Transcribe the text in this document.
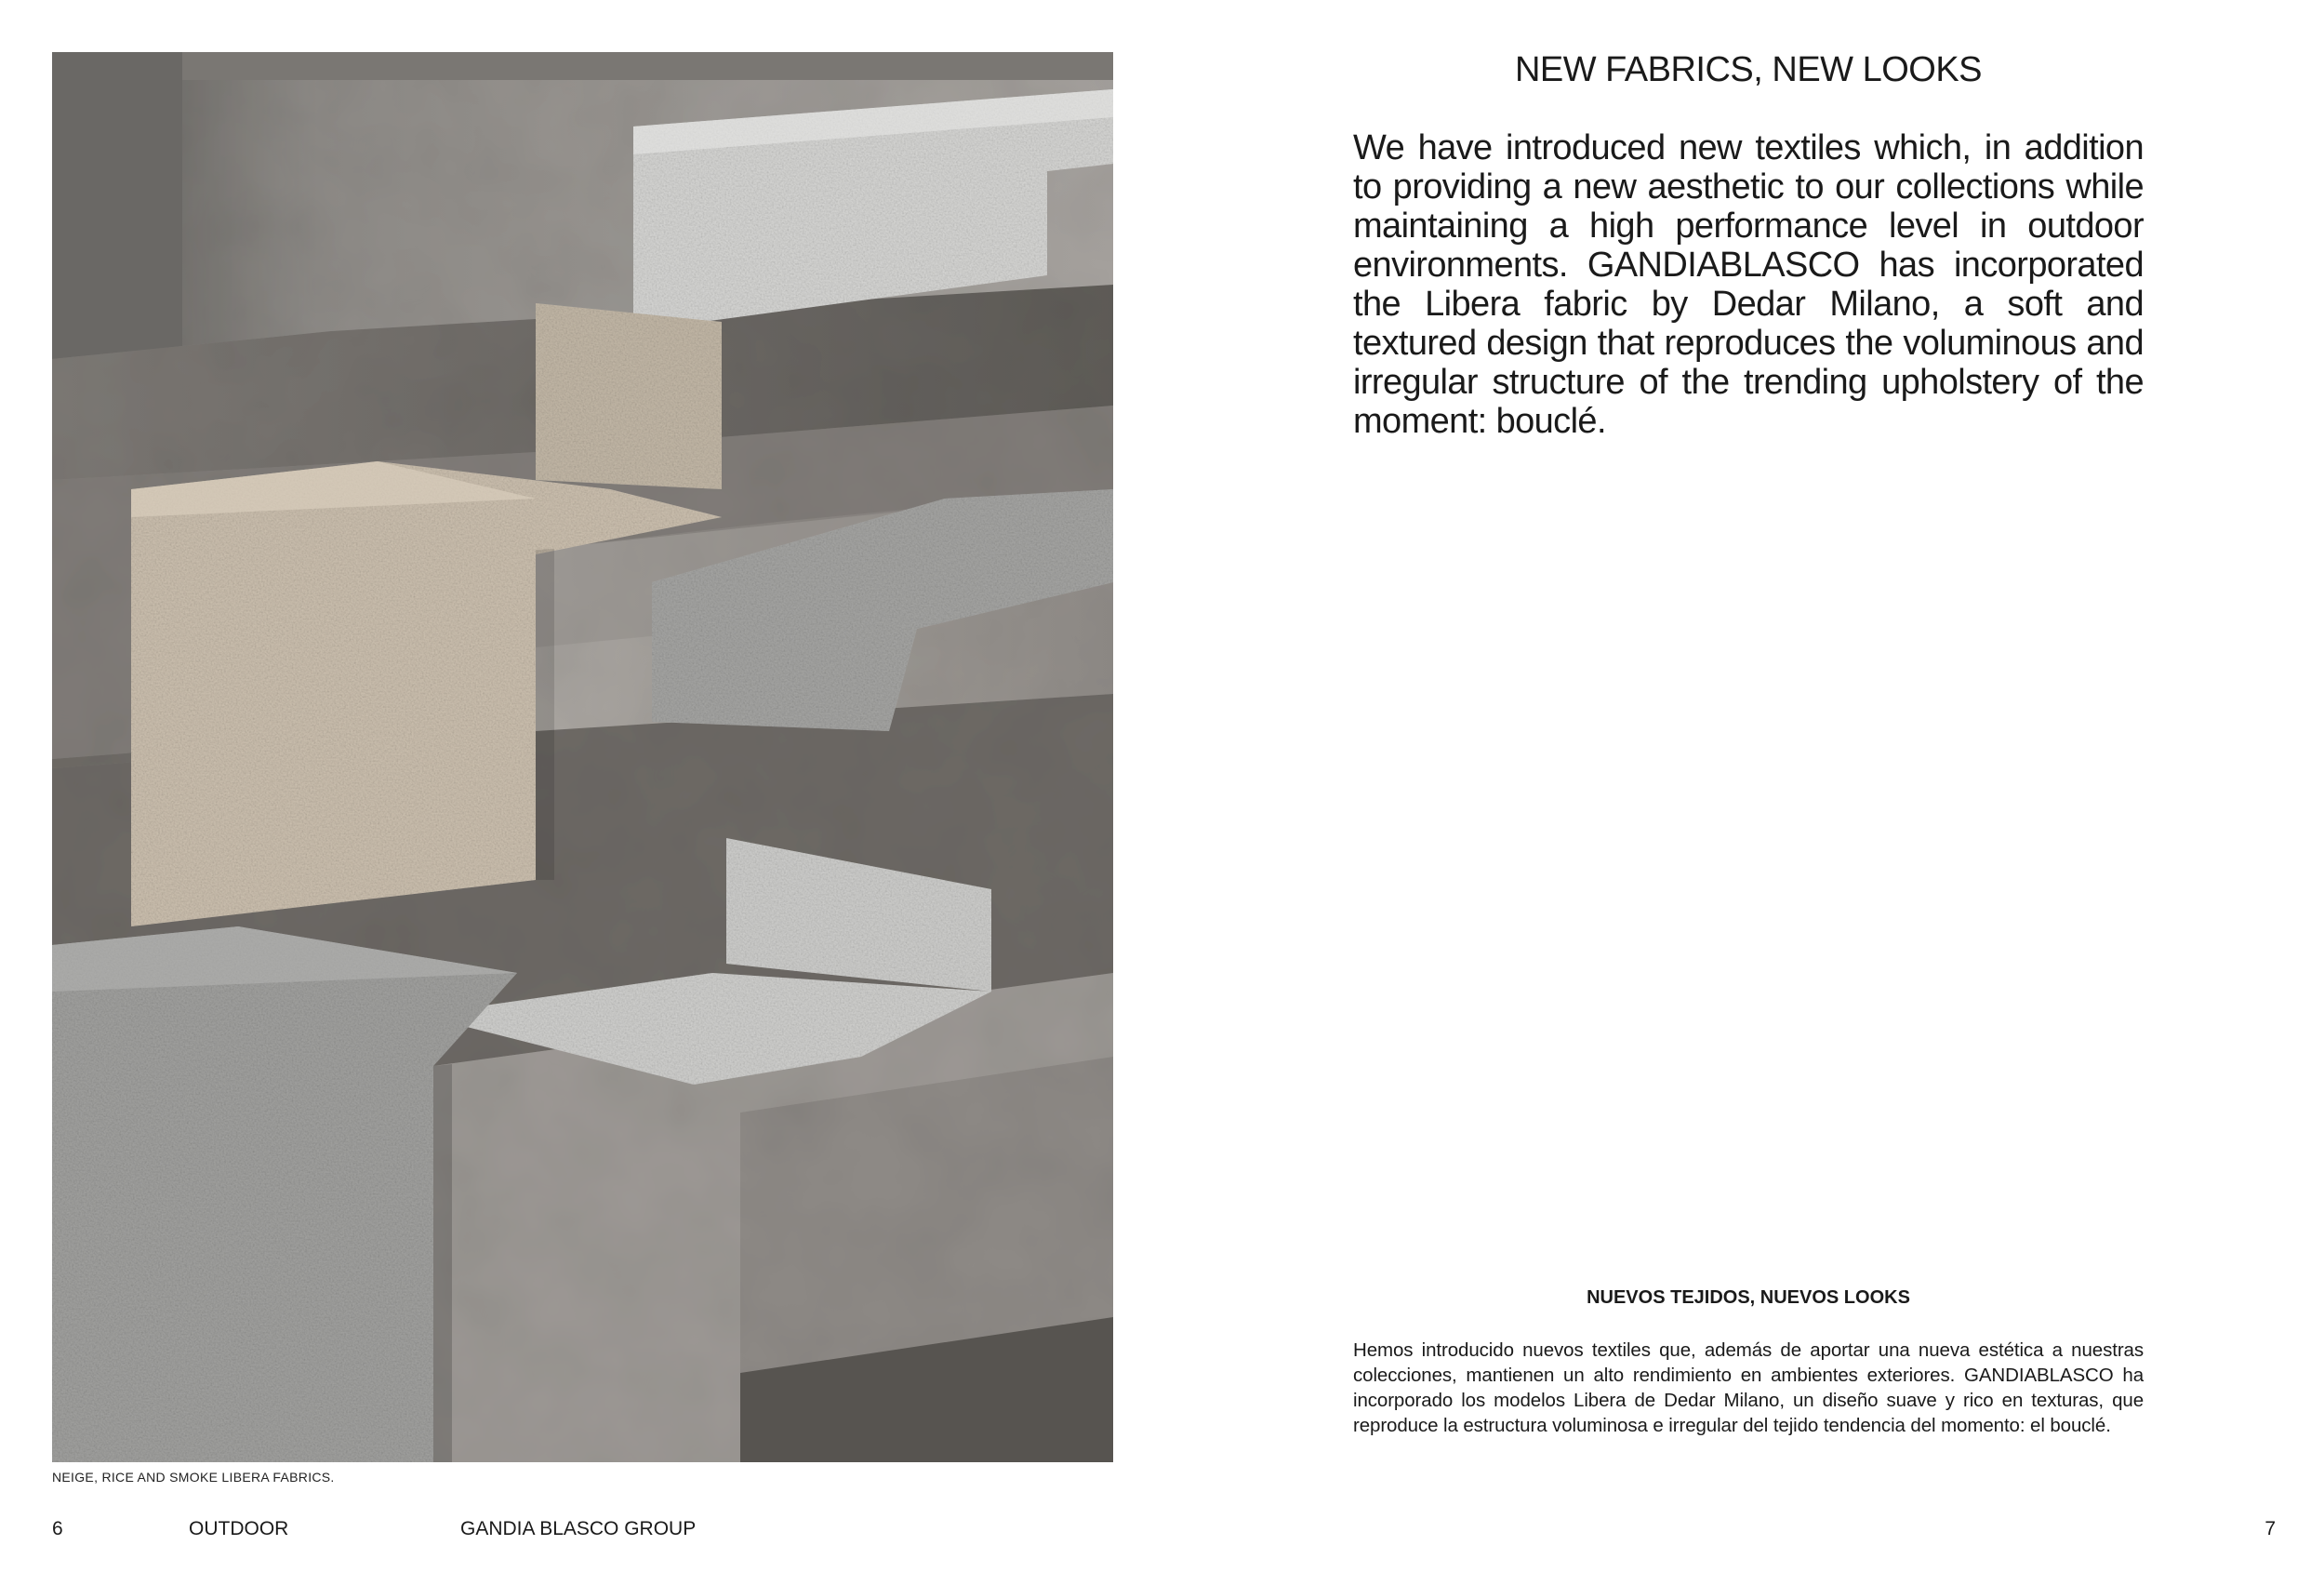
NEIGE, RICE AND SMOKE LIBERA FABRICS.
NEW FABRICS, NEW LOOKS

We have introduced new textiles which, in addition to providing a new aesthetic to our collections while maintaining a high performance level in outdoor environments. GANDIABLASCO has incorporated the Libera fabric by Dedar Milano, a soft and textured design that reproduces the voluminous and irregular structure of the trending upholstery of the moment: bouclé.

NUEVOS TEJIDOS, NUEVOS LOOKS

Hemos introducido nuevos textiles que, además de aportar una nueva estética a nuestras colecciones, mantienen un alto rendimiento en ambientes exteriores. GANDIABLASCO ha incorporado los modelos Libera de Dedar Milano, un diseño suave y rico en texturas, que reproduce la estructura voluminosa e irregular del tejido tendencia del momento: el bouclé.

6	OUTDOOR	GANDIA BLASCO GROUP	7
